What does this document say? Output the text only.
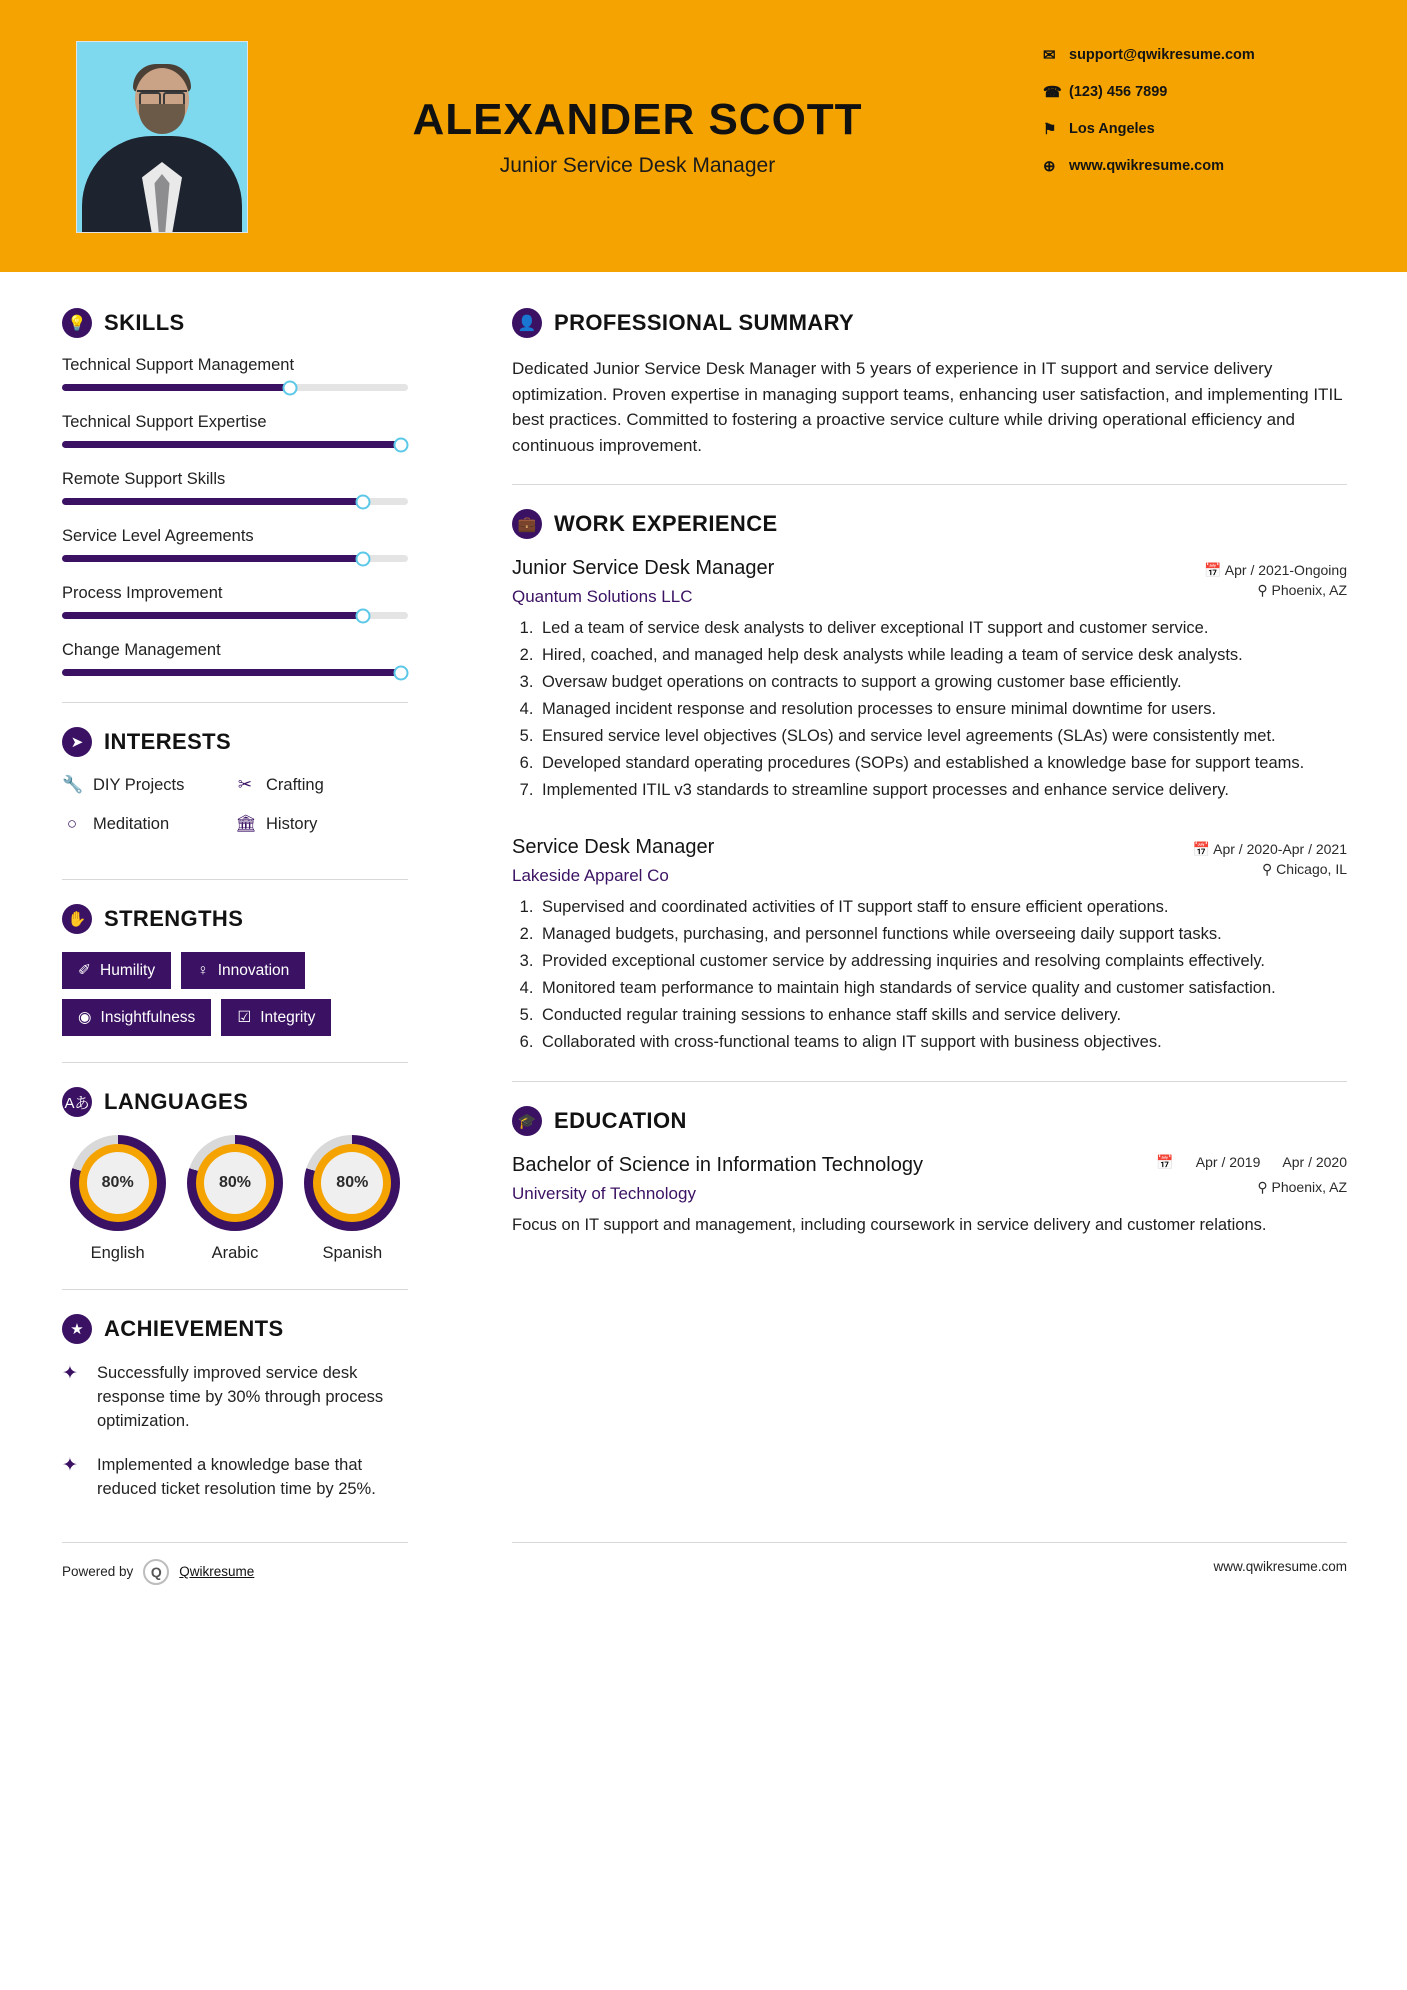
ALEXANDER SCOTT
Junior Service Desk Manager
✉ support@qwikresume.com
☎ (123) 456 7899
⚑ Los Angeles
⊕ www.qwikresume.com
💡 SKILLS
Technical Support Management
Technical Support Expertise
Remote Support Skills
Service Level Agreements
Process Improvement
Change Management
➤ INTERESTS
🔧 DIY Projects	✂ Crafting
○ Meditation	🏛 History
✋ STRENGTHS
✐ Humility	♀ Innovation
◉ Insightfulness	☑ Integrity
Aあ LANGUAGES
80%
English
80%
Arabic
80%
Spanish
★ ACHIEVEMENTS
✦	Successfully improved service desk response time by 30% through process optimization.

✦	Implemented a knowledge base that reduced ticket resolution time by 25%.

👤 PROFESSIONAL SUMMARY
Dedicated Junior Service Desk Manager with 5 years of experience in IT support and service delivery optimization. Proven expertise in managing support teams, enhancing user satisfaction, and implementing ITIL best practices. Committed to fostering a proactive service culture while driving operational efficiency and continuous improvement.
💼 WORK EXPERIENCE
Junior Service Desk Manager	📅 Apr / 2021-Ongoing
Quantum Solutions LLC	⚲ Phoenix, AZ
1. Led a team of service desk analysts to deliver exceptional IT support and customer service.
2. Hired, coached, and managed help desk analysts while leading a team of service desk analysts.
3. Oversaw budget operations on contracts to support a growing customer base efficiently.
4. Managed incident response and resolution processes to ensure minimal downtime for users.
5. Ensured service level objectives (SLOs) and service level agreements (SLAs) were consistently met.
6. Developed standard operating procedures (SOPs) and established a knowledge base for support teams.
7. Implemented ITIL v3 standards to streamline support processes and enhance service delivery.
Service Desk Manager	📅 Apr / 2020-Apr / 2021
Lakeside Apparel Co	⚲ Chicago, IL
1. Supervised and coordinated activities of IT support staff to ensure efficient operations.
2. Managed budgets, purchasing, and personnel functions while overseeing daily support tasks.
3. Provided exceptional customer service by addressing inquiries and resolving complaints effectively.
4. Monitored team performance to maintain high standards of service quality and customer satisfaction.
5. Conducted regular training sessions to enhance staff skills and service delivery.
6. Collaborated with cross-functional teams to align IT support with business objectives.
🎓 EDUCATION
Bachelor of Science in Information Technology	📅 Apr / 2019 Apr / 2020
University of Technology	⚲ Phoenix, AZ
Focus on IT support and management, including coursework in service delivery and customer relations.
Powered by	Q	Qwikresume	www.qwikresume.com
